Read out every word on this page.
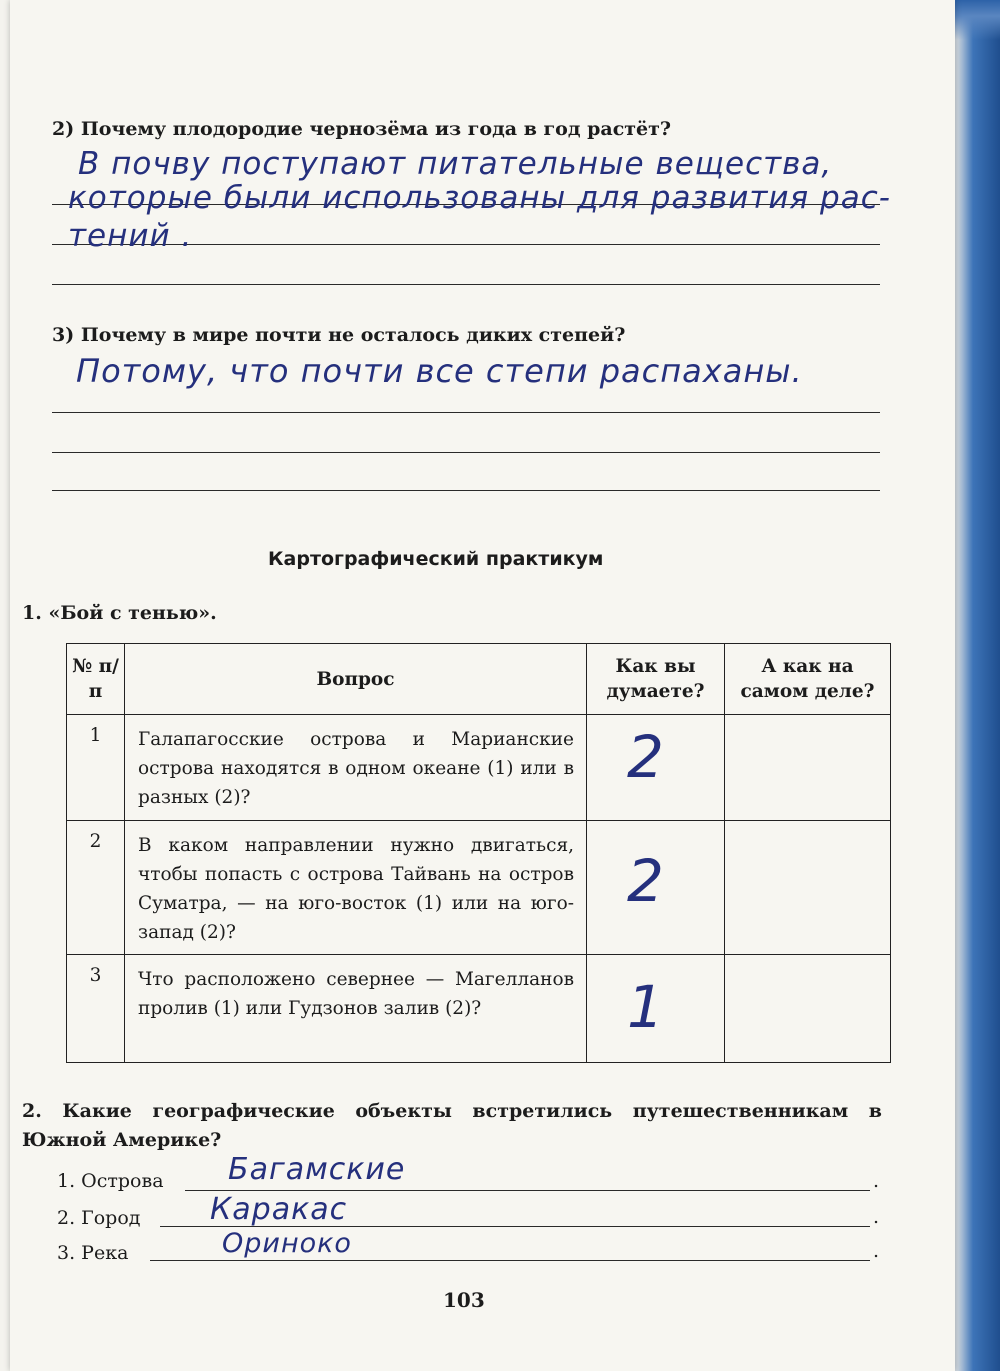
2) Почему плодородие чернозёма из года в год растёт?
В почву поступают питательные вещества,
которые были использованы для развития рас-
тений .
3) Почему в мире почти не осталось диких степей?
Потому, что почти все степи распаханы.
Картографический практикум
1. «Бой с тенью».
№ п/п	Вопрос	Как вы думаете?	А как на самом деле?
1	Галапагосские острова и Марианские острова находятся в одном океане (1) или в разных (2)?	2	

2	В каком направлении нужно двигаться, чтобы попасть с острова Тайвань на остров Суматра, — на юго-восток (1) или на юго-запад (2)?	2	

3	Что расположено севернее — Магелланов пролив (1) или Гудзонов залив (2)?	1	

2. Какие географические объекты встретились путешественникам в Южной Америке?
1. Острова Багамские	.
2. Город Каракас	.
3. Река	Ориноко	.
103
